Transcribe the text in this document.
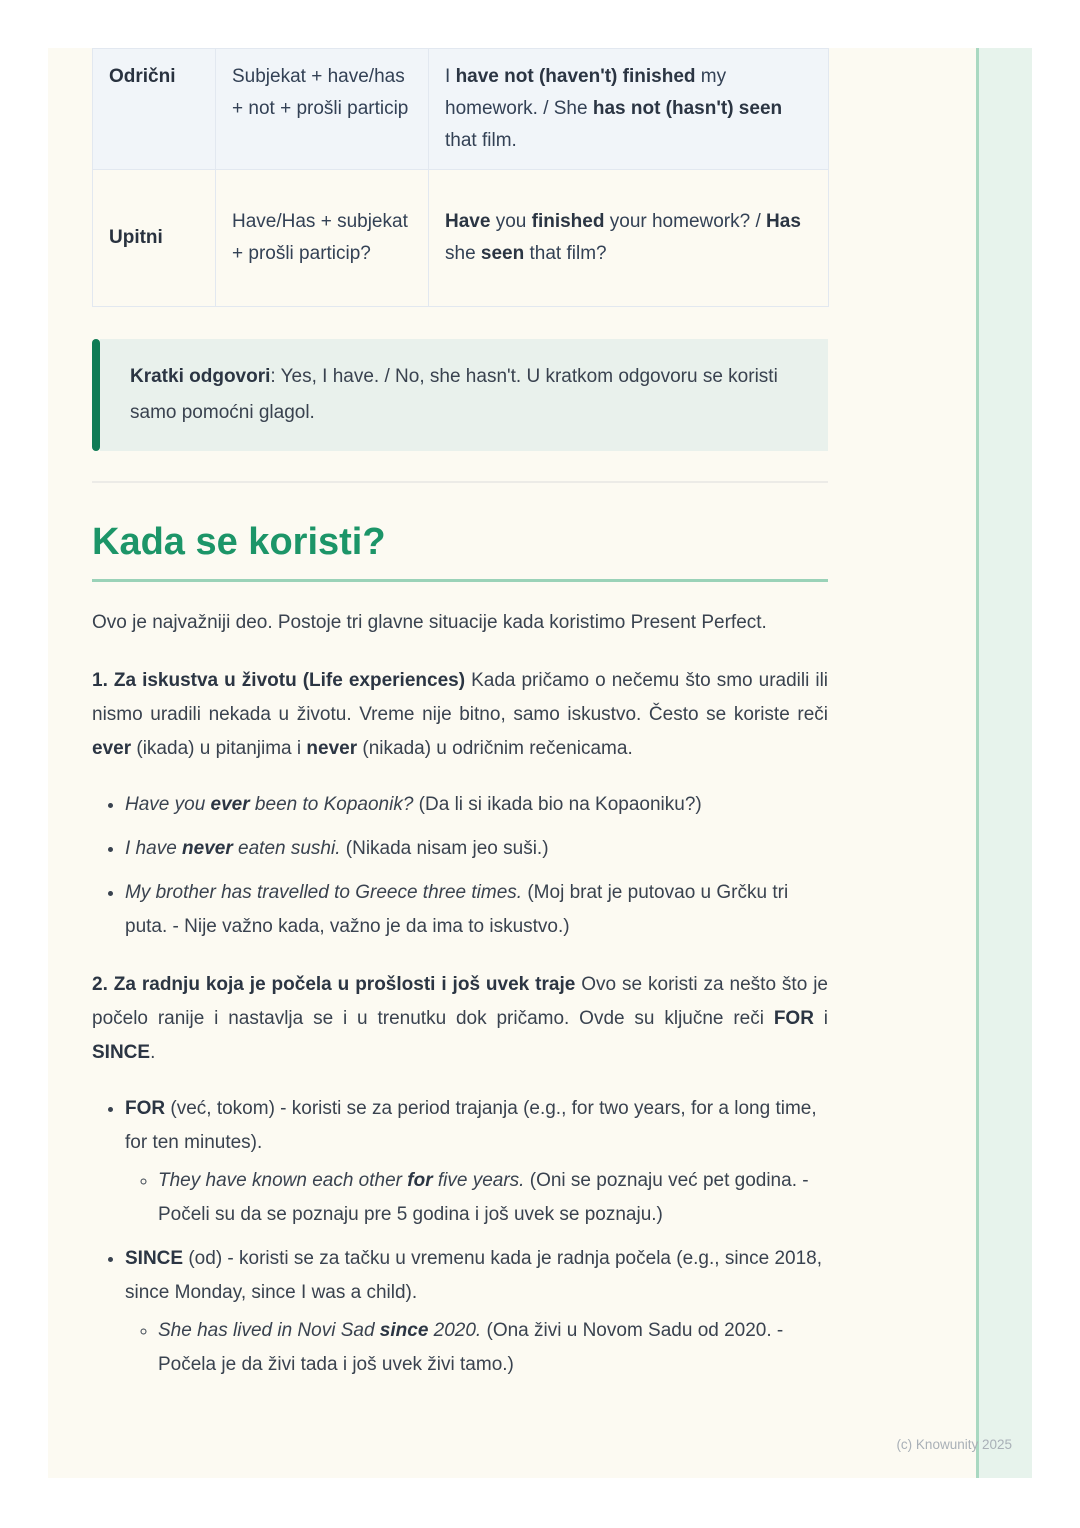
Odrični	Subjekat + have/has + not + prošli particip	I have not (haven't) finished my homework. / She has not (hasn't) seen that film.
Upitni	Have/Has + subjekat + prošli particip?	Have you finished your homework? / Has she seen that film?
Kratki odgovori: Yes, I have. / No, she hasn't. U kratkom odgovoru se koristi samo pomoćni glagol.
Kada se koristi?

Ovo je najvažniji deo. Postoje tri glavne situacije kada koristimo Present Perfect.

1. Za iskustva u životu (Life experiences) Kada pričamo o nečemu što smo uradili ili nismo uradili nekada u životu. Vreme nije bitno, samo iskustvo. Često se koriste reči ever (ikada) u pitanjima i never (nikada) u odričnim rečenicama.

• Have you ever been to Kopaonik? (Da li si ikada bio na Kopaoniku?)
• I have never eaten sushi. (Nikada nisam jeo suši.)
• My brother has travelled to Greece three times. (Moj brat je putovao u Grčku tri puta. - Nije važno kada, važno je da ima to iskustvo.)

2. Za radnju koja je počela u prošlosti i još uvek traje Ovo se koristi za nešto što je počelo ranije i nastavlja se i u trenutku dok pričamo. Ovde su ključne reči FOR i SINCE.

• FOR (već, tokom) - koristi se za period trajanja (e.g., for two years, for a long time, for ten minutes).
◦ They have known each other for five years. (Oni se poznaju već pet godina. - Počeli su da se poznaju pre 5 godina i još uvek se poznaju.)
• SINCE (od) - koristi se za tačku u vremenu kada je radnja počela (e.g., since 2018, since Monday, since I was a child).
◦ She has lived in Novi Sad since 2020. (Ona živi u Novom Sadu od 2020. - Počela je da živi tada i još uvek živi tamo.)
(c) Knowunity 2025
